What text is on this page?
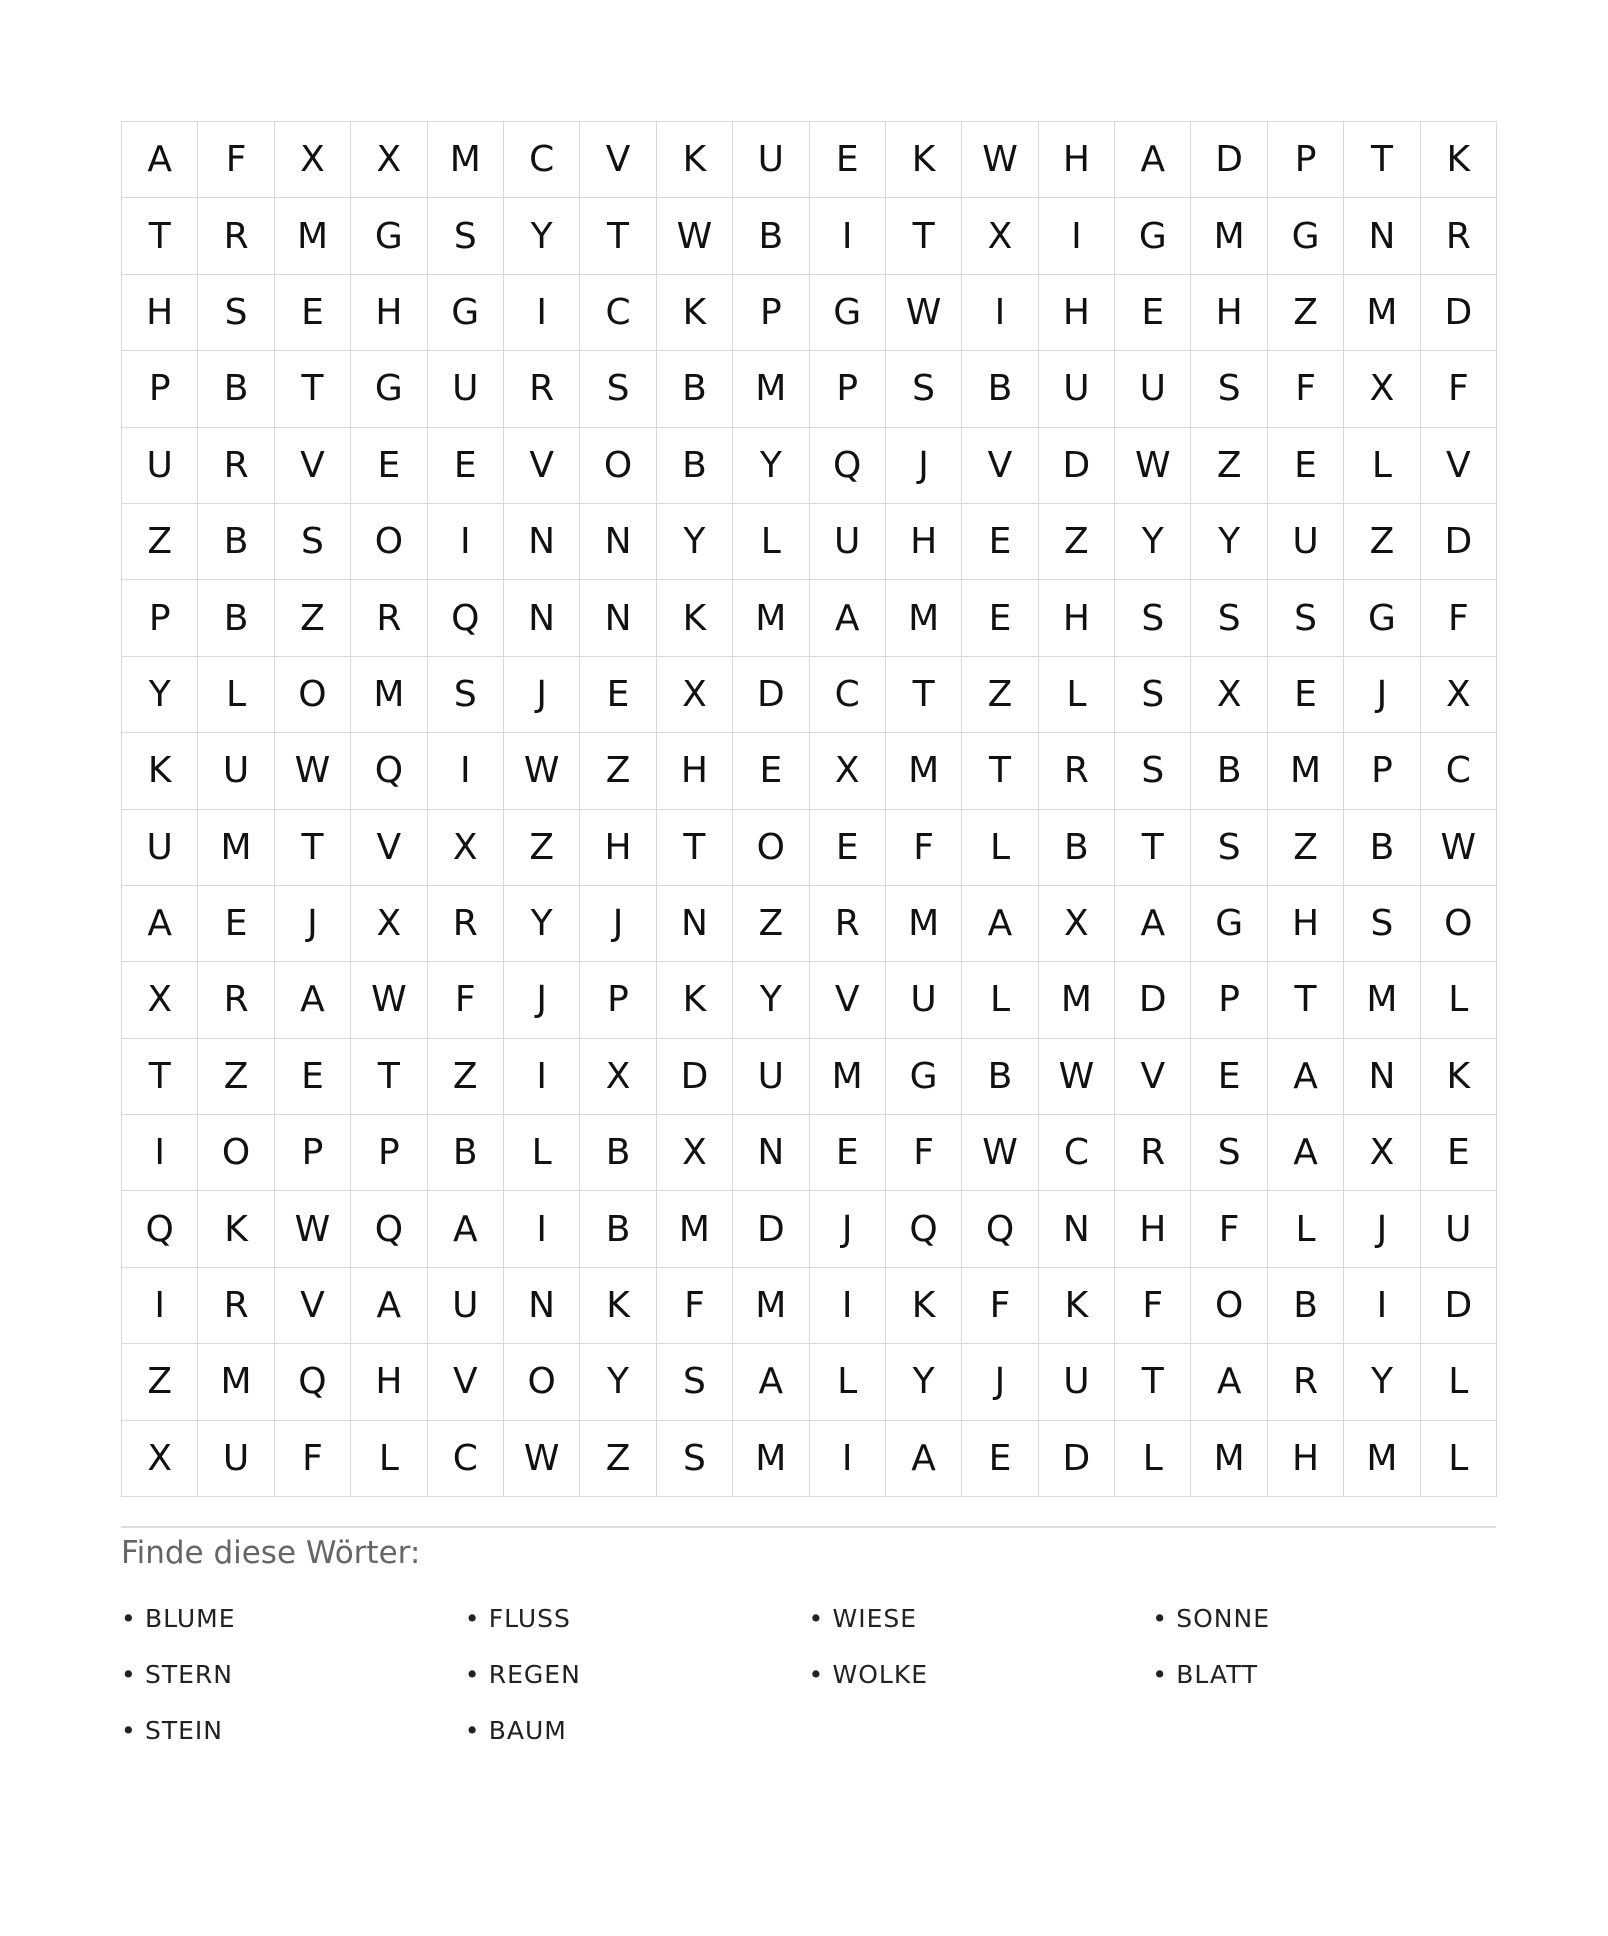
A	F	X	X	M	C	V	K	U	E	K	W	H	A	D	P	T	K
T	R	M	G	S	Y	T	W	B	I	T	X	I	G	M	G	N	R
H	S	E	H	G	I	C	K	P	G	W	I	H	E	H	Z	M	D
P	B	T	G	U	R	S	B	M	P	S	B	U	U	S	F	X	F
U	R	V	E	E	V	O	B	Y	Q	J	V	D	W	Z	E	L	V
Z	B	S	O	I	N	N	Y	L	U	H	E	Z	Y	Y	U	Z	D
P	B	Z	R	Q	N	N	K	M	A	M	E	H	S	S	S	G	F
Y	L	O	M	S	J	E	X	D	C	T	Z	L	S	X	E	J	X
K	U	W	Q	I	W	Z	H	E	X	M	T	R	S	B	M	P	C
U	M	T	V	X	Z	H	T	O	E	F	L	B	T	S	Z	B	W
A	E	J	X	R	Y	J	N	Z	R	M	A	X	A	G	H	S	O
X	R	A	W	F	J	P	K	Y	V	U	L	M	D	P	T	M	L
T	Z	E	T	Z	I	X	D	U	M	G	B	W	V	E	A	N	K
I	O	P	P	B	L	B	X	N	E	F	W	C	R	S	A	X	E
Q	K	W	Q	A	I	B	M	D	J	Q	Q	N	H	F	L	J	U
I	R	V	A	U	N	K	F	M	I	K	F	K	F	O	B	I	D
Z	M	Q	H	V	O	Y	S	A	L	Y	J	U	T	A	R	Y	L
X	U	F	L	C	W	Z	S	M	I	A	E	D	L	M	H	M	L
Finde diese Wörter:
• BLUME	• FLUSS	• WIESE	• SONNE
• STERN	• REGEN	• WOLKE	• BLATT
• STEIN	• BAUM
